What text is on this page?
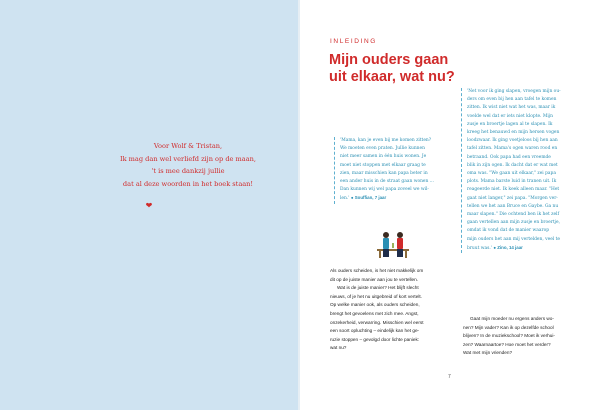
Voor Wolf & Tristan,
Ik mag dan wel verliefd zijn op de maan,
't is mee dankzij jullie
dat al deze woorden in het boek staan!
❤
INLEIDING
Mijn ouders gaan
uit elkaar, wat nu?
'Mama, kan je even bij me komen zitten?
We moeten even praten. Jullie kunnen
niet meer samen in één huis wonen. Je
moet niet stoppen met elkaar graag te
zien, maar misschien kan papa beter in
een ander huis in de straat gaan wonen ...
Dan kunnen wij wel papa zoveel we wil-
len.' ● Souffian, 7 jaar
'Net voor ik ging slapen, vroegen mijn ou-
ders om even bij hen aan tafel te komen
zitten. Ik wist niet wat het was, maar ik
voelde wel dat er iets niet klopte. Mijn
zusje en broertje lagen al te slapen. Ik
kreeg het benauwd en mijn hersen vogen
loodzwaar. Ik ging voetjeloos bij hen aan
tafel zitten. Mama's ogen waren rood en
betraand. Ook papa had een vreemde
blik in zijn ogen. Ik dacht dat er wat met
oma was. "We gaan uit elkaar," zei papa
plots. Mama barste luid in tranen uit. Ik
reageerde niet. Ik keek alleen maar. "Het
gaat niet langer," zei papa. "Morgen ver-
tellen we het aan Bruce en Gaybe. Ga nu
maar slapen." Die ochtend ben ik het zelf
gaan vertellen aan mijn zusje en broertje,
omdat ik vond dat de manier waarop
mijn ouders het aan mij vertelden, veel te
bruut was.' ● Zino, 14 jaar
Als ouders scheiden, is het niet makkelijk om
dit op de juiste manier aan jou te vertellen.
Wat is de juiste manier? Het blijft slecht
nieuws, of je het nu uitgebreid of kort vertelt.
Op welke manier ook, als ouders scheiden,
brengt het gevoelens met zich mee. Angst,
onzekerheid, verwarring. Misschien wel eerst
een soort opluchting – eindelijk kan het ge-
ruzie stoppen – gevolgd door lichte paniek:
wat nu?
Gaat mijn moeder nu ergens anders wo-
nen? Mijn vader? Kan ik op dezelfde school
blijven? In de muziekschool? Moet ik verhui-
zen? Waarnaartoe? Hoe moet het verder?
Wat met mijn vrienden?
7
